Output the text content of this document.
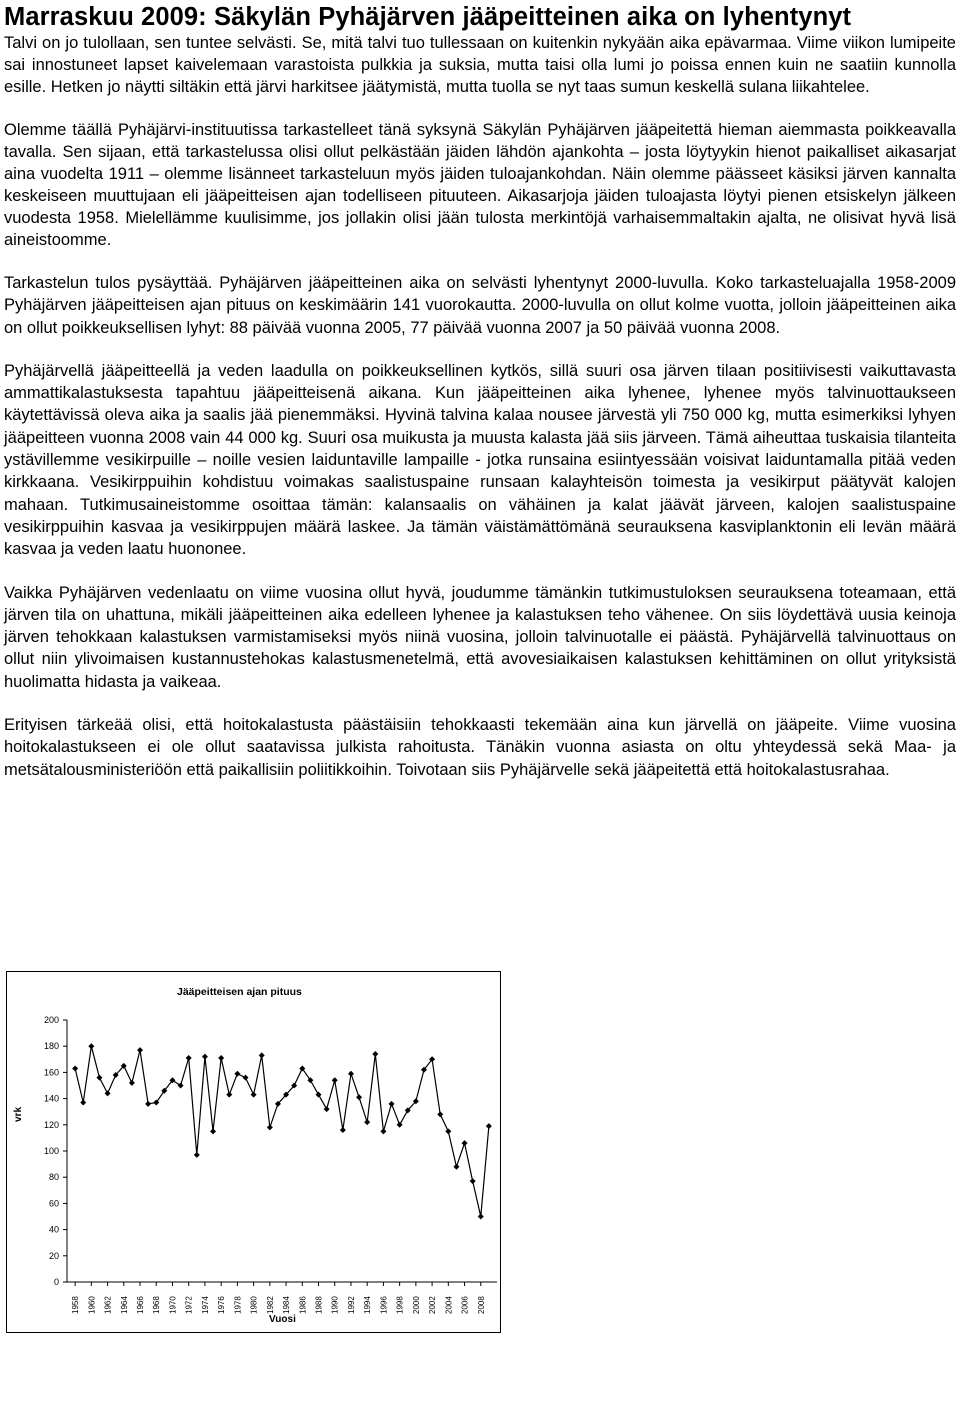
Marraskuu 2009: Säkylän Pyhäjärven jääpeitteinen aika on lyhentynyt

Talvi on jo tulollaan, sen tuntee selvästi. Se, mitä talvi tuo tullessaan on kuitenkin nykyään aika epävarmaa. Viime viikon lumipeite sai innostuneet lapset kaivelemaan varastoista pulkkia ja suksia, mutta taisi olla lumi jo poissa ennen kuin ne saatiin kunnolla esille. Hetken jo näytti siltäkin että järvi harkitsee jäätymistä, mutta tuolla se nyt taas sumun keskellä sulana liikahtelee.

Olemme täällä Pyhäjärvi-instituutissa tarkastelleet tänä syksynä Säkylän Pyhäjärven jääpeitettä hieman aiemmasta poikkeavalla tavalla. Sen sijaan, että tarkastelussa olisi ollut pelkästään jäiden lähdön ajankohta – josta löytyykin hienot paikalliset aikasarjat aina vuodelta 1911 – olemme lisänneet tarkasteluun myös jäiden tuloajankohdan. Näin olemme päässeet käsiksi järven kannalta keskeiseen muuttujaan eli jääpeitteisen ajan todelliseen pituuteen. Aikasarjoja jäiden tuloajasta löytyi pienen etsiskelyn jälkeen vuodesta 1958. Mielellämme kuulisimme, jos jollakin olisi jään tulosta merkintöjä varhaisemmaltakin ajalta, ne olisivat hyvä lisä aineistoomme.

Tarkastelun tulos pysäyttää. Pyhäjärven jääpeitteinen aika on selvästi lyhentynyt 2000-luvulla. Koko tarkasteluajalla 1958-2009 Pyhäjärven jääpeitteisen ajan pituus on keskimäärin 141 vuorokautta. 2000-luvulla on ollut kolme vuotta, jolloin jääpeitteinen aika on ollut poikkeuksellisen lyhyt: 88 päivää vuonna 2005, 77 päivää vuonna 2007 ja 50 päivää vuonna 2008.

Pyhäjärvellä jääpeitteellä ja veden laadulla on poikkeuksellinen kytkös, sillä suuri osa järven tilaan positiivisesti vaikuttavasta ammattikalastuksesta tapahtuu jääpeitteisenä aikana. Kun jääpeitteinen aika lyhenee, lyhenee myös talvinuottaukseen käytettävissä oleva aika ja saalis jää pienemmäksi. Hyvinä talvina kalaa nousee järvestä yli 750 000 kg, mutta esimerkiksi lyhyen jääpeitteen vuonna 2008 vain 44 000 kg. Suuri osa muikusta ja muusta kalasta jää siis järveen. Tämä aiheuttaa tuskaisia tilanteita ystävillemme vesikirpuille – noille vesien laiduntaville lampaille - jotka runsaina esiintyessään voisivat laiduntamalla pitää veden kirkkaana. Vesikirppuihin kohdistuu voimakas saalistuspaine runsaan kalayhteisön toimesta ja vesikirput päätyvät kalojen mahaan. Tutkimusaineistomme osoittaa tämän: kalansaalis on vähäinen ja kalat jäävät järveen, kalojen saalistuspaine vesikirppuihin kasvaa ja vesikirppujen määrä laskee. Ja tämän väistämättömänä seurauksena kasviplanktonin eli levän määrä kasvaa ja veden laatu huononee.

Vaikka Pyhäjärven vedenlaatu on viime vuosina ollut hyvä, joudumme tämänkin tutkimustuloksen seurauksena toteamaan, että järven tila on uhattuna, mikäli jääpeitteinen aika edelleen lyhenee ja kalastuksen teho vähenee. On siis löydettävä uusia keinoja järven tehokkaan kalastuksen varmistamiseksi myös niinä vuosina, jolloin talvinuotalle ei päästä. Pyhäjärvellä talvinuottaus on ollut niin ylivoimaisen kustannustehokas kalastusmenetelmä, että avovesiaikaisen kalastuksen kehittäminen on ollut yrityksistä huolimatta hidasta ja vaikeaa.

Erityisen tärkeää olisi, että hoitokalastusta päästäisiin tehokkaasti tekemään aina kun järvellä on jääpeite. Viime vuosina hoitokalastukseen ei ole ollut saatavissa julkista rahoitusta. Tänäkin vuonna asiasta on oltu yhteydessä sekä Maa- ja metsätalousministeriöön että paikallisiin poliitikkoihin. Toivotaan siis Pyhäjärvelle sekä jääpeitettä että hoitokalastusrahaa.

Jääpeitteisen ajan pituus
vrk
Vuosi
0
20
40
60
80
100
120
140
160
180
200
1958 1960 1962 1964 1966 1968 1970 1972 1974 1976 1978 1980 1982 1984 1986 1988 1990 1992 1994 1996 1998 2000 2002 2004 2006 2008
